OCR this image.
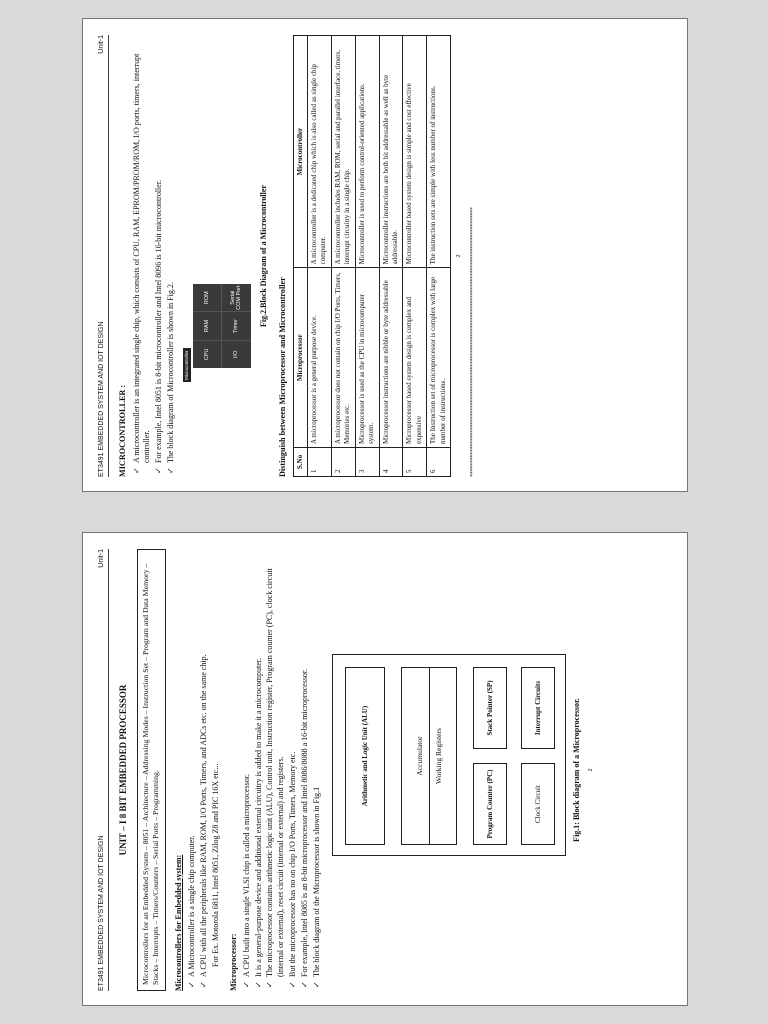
ET3491 EMBEDDED SYSTEM AND IOT DESIGN
Unit-1
UNIT – I 8 BIT EMBEDDED PROCESSOR	Microcontrollers for an Embedded System – 8051 – Architecture – Addressing Modes – Instruction Set – Program and Data Memory – Stacks – Interrupts – Timers/Counters – Serial Ports – Programming.	Microcontrollers for Embedded system: ✓
A Microcontroller is a single chip computer.
✓
A CPU with all the peripherals like RAM, ROM, I/O Ports, Timers, and ADCs etc. on the same chip. For Ex. Motorola 6811, Intel 8051, Zilog Z8 and PIC 16X etc... Microprocessor: ✓
A CPU built into a single VLSI chip is called a microprocessor.
✓
It is a general-purpose device and additional external circuitry is added to make it a microcomputer.
✓
The microprocessor contains arithmetic logic unit (ALU), Control unit, Instruction register, Program counter (PC), clock circuit (internal or external), reset circuit (internal or external) and registers.
✓
But the microprocessor has no on chip I/O Ports, Timers, Memory etc.
✓
For example, Intel 8085 is an 8-bit microprocessor and Intel 8086/8088 a 16-bit microprocessor.
✓
The block diagram of the Microprocessor is shown in Fig.1
Arithmetic and Logic Unit (ALU)	Accumulator	Working Registers
Program Counter (PC)
Stack Pointer (SP)
Clock Circuit
Interrupt Circuits	Fig.1: Block diagram of a Microprocessor. 2
ET3491 EMBEDDED SYSTEM AND IOT DESIGN
Unit-1
MICROCONTROLLER : ✓
A microcontroller is an integrated single chip, which consists of CPU, RAM, EPROM/PROM/ROM, I/O ports, timers, interrupt controller.
✓
For example, Intel 8051 is 8-bit microcontroller and Intel 8096 is 16-bit microcontroller.
✓
The block diagram of Microcontroller is shown in Fig.2.	Microcontroller	CPU
RAM
ROM
I/O
Timer
Serial COM Port	Fig.2.Block Diagram of a Microcontroller
Distinguish between Microprocessor and Microcontroller S.No	Microprocessor	Microcontroller
1	A microprocessor is a general purpose device.	A microcontroller is a dedicated chip which is also called as single chip computer.
2	A microprocessor does not contain on chip I/O Ports, Timers, Memories etc.	A microcontroller includes RAM, ROM, serial and parallel interface, timers, interrupt circuitry in a single chip.
3	Microprocessor is used as the CPU in microcomputer system.	Microcontroller is used to perform control-oriented applications.
4	Microprocessor instructions are nibble or byte addressable	Microcontroller instructions are both bit addressable as well as byte addressable.
5	Microprocessor based system design is complex and expensive	Microcontroller based system design is simple and cost effective
6	The Instruction set of microprocessor is complex with large number of instructions.	The instruction sets are simple with less number of instructions.	2 **************************************************************************************************
